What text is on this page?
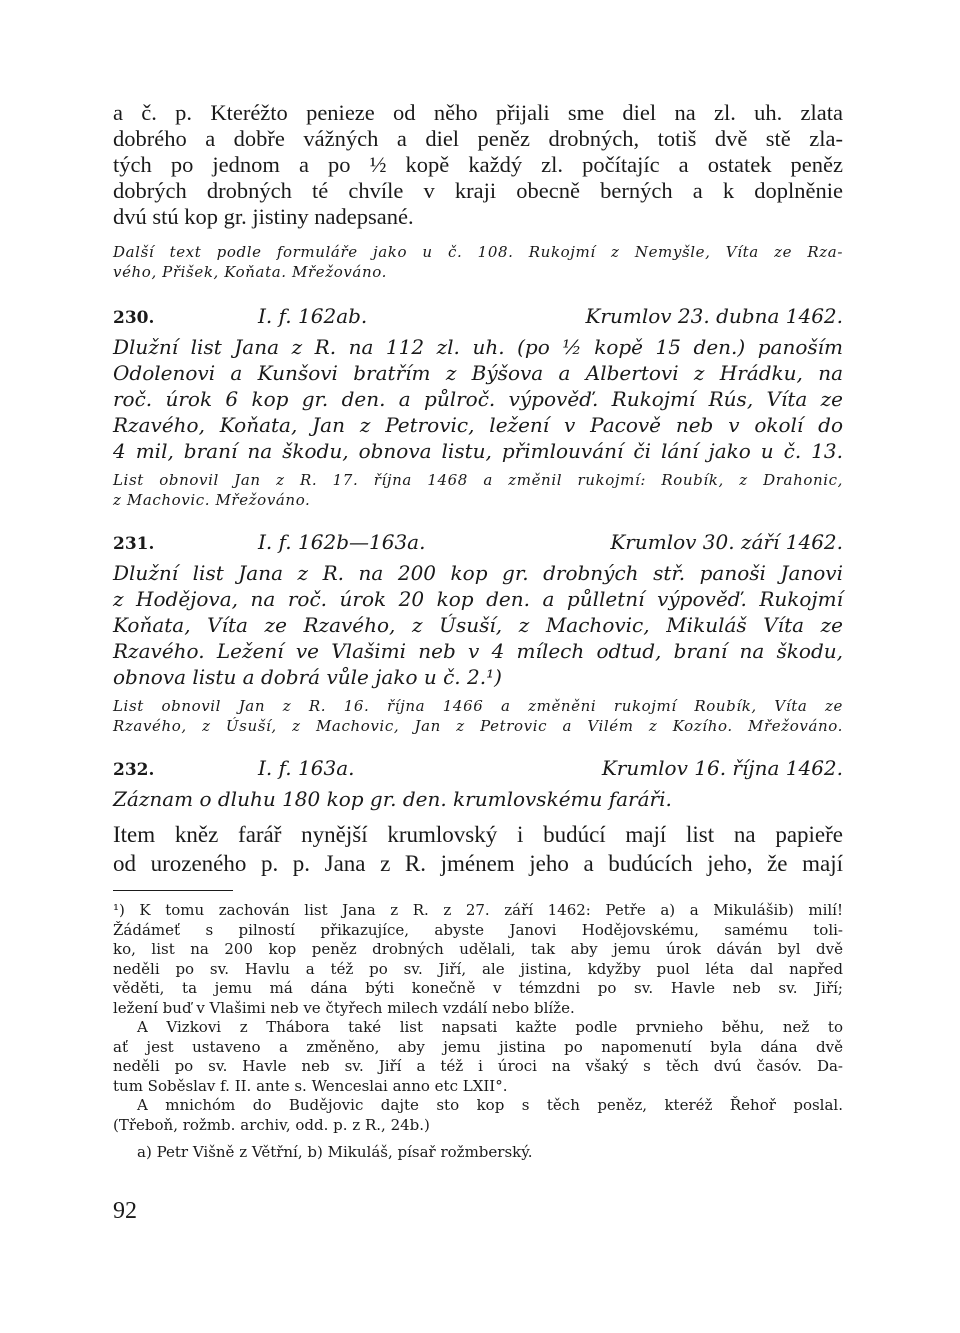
a č. p. Kteréžto penieze od něho přijali sme diel na zl. uh. zlata
dobrého a dobře vážných a diel peněz drobných, totiš dvě stě zla-
tých po jednom a po ½ kopě každý zl. počítajíc a ostatek peněz
dobrých drobných té chvíle v kraji obecně berných a k doplněnie
dvú stú kop gr. jistiny nadepsané.
Další text podle formuláře jako u č. 108. Rukojmí z Nemyšle, Víta ze Rza-
vého, Přišek, Koňata. Mřežováno.
230.	I. f. 162ab.	Krumlov 23. dubna 1462.
Dlužní list Jana z R. na 112 zl. uh. (po ½ kopě 15 den.) panoším
Odolenovi a Kunšovi bratřím z Býšova a Albertovi z Hrádku, na
roč. úrok 6 kop gr. den. a půlroč. výpověď. Rukojmí Rús, Víta ze
Rzavého, Koňata, Jan z Petrovic, ležení v Pacově neb v okolí do
4 mil, braní na škodu, obnova listu, přimlouvání či lání jako u č. 13.
List obnovil Jan z R. 17. října 1468 a změnil rukojmí: Roubík, z Drahonic,
z Machovic. Mřežováno.
231.	I. f. 162b—163a.	Krumlov 30. září 1462.
Dlužní list Jana z R. na 200 kop gr. drobných stř. panoši Janovi
z Hodějova, na roč. úrok 20 kop den. a půlletní výpověď. Rukojmí
Koňata, Víta ze Rzavého, z Úsuší, z Machovic, Mikuláš Víta ze
Rzavého. Ležení ve Vlašimi neb v 4 mílech odtud, braní na škodu,
obnova listu a dobrá vůle jako u č. 2.¹)
List obnovil Jan z R. 16. října 1466 a změněni rukojmí Roubík, Víta ze
Rzavého, z Úsuší, z Machovic, Jan z Petrovic a Vilém z Kozího. Mřežováno.
232.	I. f. 163a.	Krumlov 16. října 1462.
Záznam o dluhu 180 kop gr. den. krumlovskému faráři.
Item kněz farář nynější krumlovský i budúcí mají list na papieře
od urozeného p. p. Jana z R. jménem jeho a budúcích jeho, že mají
¹) K tomu zachován list Jana z R. z 27. září 1462: Petře a) a Mikulášib) milí!
Žádámeť s pilností přikazujíce, abyste Janovi Hodějovskému, samému toli-
ko, list na 200 kop peněz drobných udělali, tak aby jemu úrok dáván byl dvě
neděli po sv. Havlu a též po sv. Jiří, ale jistina, kdyžby puol léta dal napřed
věděti, ta jemu má dána býti konečně v témzdni po sv. Havle neb sv. Jiří;
ležení buď v Vlašimi neb ve čtyřech milech vzdálí nebo blíže.
A Vizkovi z Thábora také list napsati kažte podle prvnieho běhu, než to
ať jest ustaveno a změněno, aby jemu jistina po napomenutí byla dána dvě
neděli po sv. Havle neb sv. Jiří a též i úroci na všaký s těch dvú časóv. Da-
tum Soběslav f. II. ante s. Wenceslai anno etc LXII°.
A mnichóm do Budějovic dajte sto kop s těch peněz, kteréž Řehoř poslal.
(Třeboň, rožmb. archiv, odd. p. z R., 24b.)
a) Petr Višně z Větřní, b) Mikuláš, písař rožmberský.
92
